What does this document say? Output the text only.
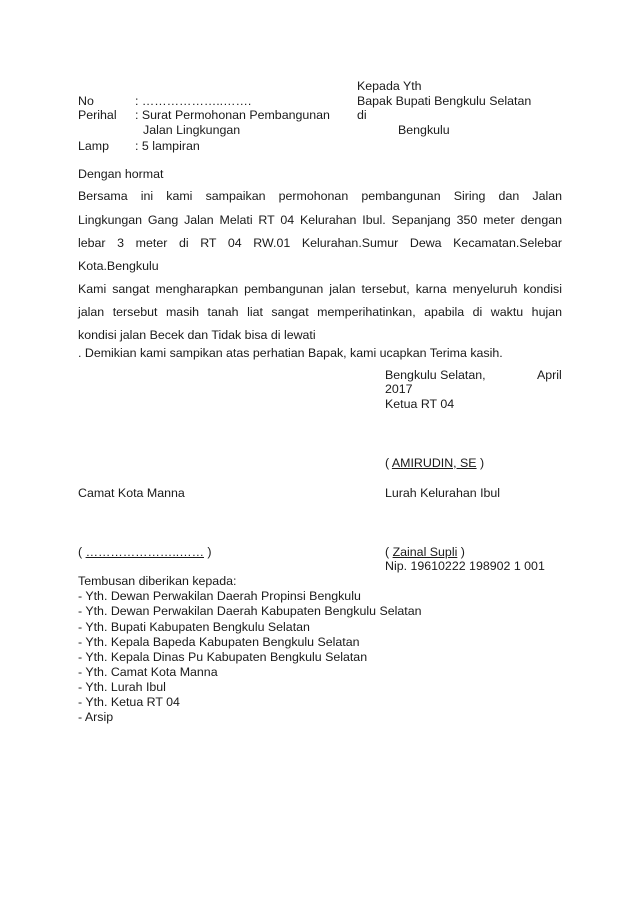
Kepada Yth
Bapak Bupati Bengkulu Selatan
di
Bengkulu
No	: ………………..…….
Perihal : Surat Permohonan Pembangunan
Jalan Lingkungan
Lamp : 5 lampiran
Dengan hormat
Bersama ini kami sampaikan permohonan pembangunan Siring dan Jalan
Lingkungan Gang Jalan Melati RT 04 Kelurahan Ibul. Sepanjang 350 meter dengan
lebar 3 meter di RT 04 RW.01 Kelurahan.Sumur Dewa Kecamatan.Selebar
Kota.Bengkulu
Kami sangat mengharapkan pembangunan jalan tersebut, karna menyeluruh kondisi
jalan tersebut masih tanah liat sangat memperihatinkan, apabila di waktu hujan
kondisi jalan Becek dan Tidak bisa di lewati
. Demikian kami sampikan atas perhatian Bapak, kami ucapkan Terima kasih.
Bengkulu Selatan,	April
2017
Ketua RT 04
( AMIRUDIN, SE )
Camat Kota Manna	Lurah Kelurahan Ibul
( …………………..…… )	( Zainal Supli )
Nip. 19610222 198902 1 001
Tembusan diberikan kepada:
- Yth. Dewan Perwakilan Daerah Propinsi Bengkulu
- Yth. Dewan Perwakilan Daerah Kabupaten Bengkulu Selatan
- Yth. Bupati Kabupaten Bengkulu Selatan
- Yth. Kepala Bapeda Kabupaten Bengkulu Selatan
- Yth. Kepala Dinas Pu Kabupaten Bengkulu Selatan
- Yth. Camat Kota Manna
- Yth. Lurah Ibul
- Yth. Ketua RT 04
- Arsip
